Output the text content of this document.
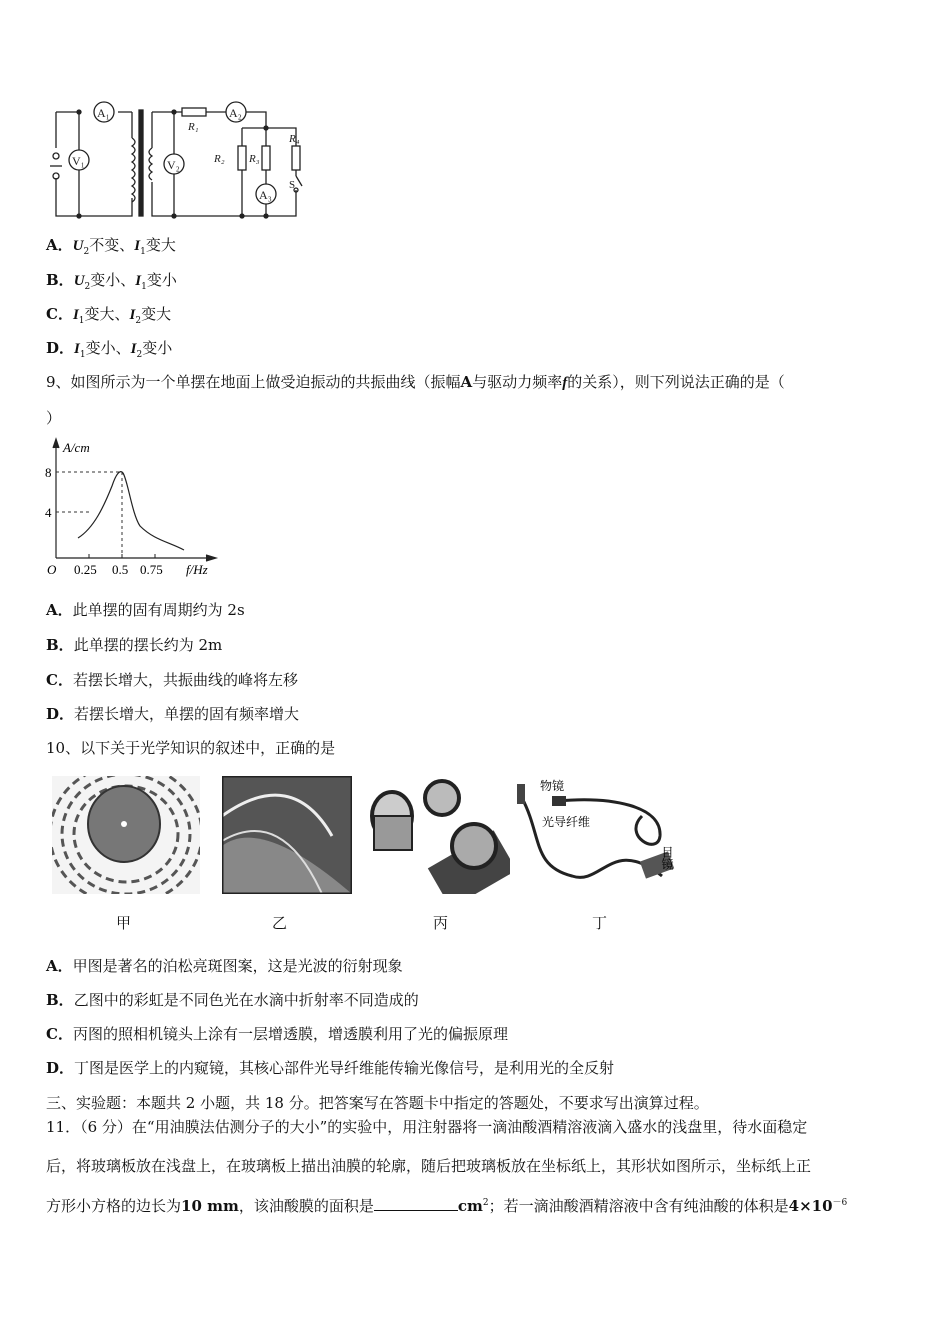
V₁
A₁
V₂
R₁
A₂
R₂ R₃
R₄
A₃
S
A．$U_2$不变、$I_1$变大
B．$U_2$变小、$I_1$变小
C．$I_1$变大、$I_2$变大
D．$I_1$变小、$I_2$变小
9、如图所示为一个单摆在地面上做受迫振动的共振曲线（振幅A与驱动力频率f的关系），则下列说法正确的是（
）
A/cm
8
4
O 0.25 0.5 0.75 f/Hz
A．此单摆的固有周期约为 2s
B．此单摆的摆长约为 2m
C．若摆长增大，共振曲线的峰将左移
D．若摆长增大，单摆的固有频率增大
10、以下关于光学知识的叙述中，正确的是
物镜
光导纤维
目镜
甲	乙	丙	丁
A．甲图是著名的泊松亮斑图案，这是光波的衍射现象
B．乙图中的彩虹是不同色光在水滴中折射率不同造成的
C．丙图的照相机镜头上涂有一层增透膜，增透膜利用了光的偏振原理
D．丁图是医学上的内窥镜，其核心部件光导纤维能传输光像信号，是利用光的全反射
三、实验题：本题共 2 小题，共 18 分。把答案写在答题卡中指定的答题处，不要求写出演算过程。
11．（6 分）在“用油膜法估测分子的大小”的实验中，用注射器将一滴油酸酒精溶液滴入盛水的浅盘里，待水面稳定
后，将玻璃板放在浅盘上，在玻璃板上描出油膜的轮廓，随后把玻璃板放在坐标纸上，其形状如图所示，坐标纸上正
方形小方格的边长为10 mm，该油酸膜的面积是	$cm^2$；若一滴油酸酒精溶液中含有纯油酸的体积是$4\times 10^{-6}$
